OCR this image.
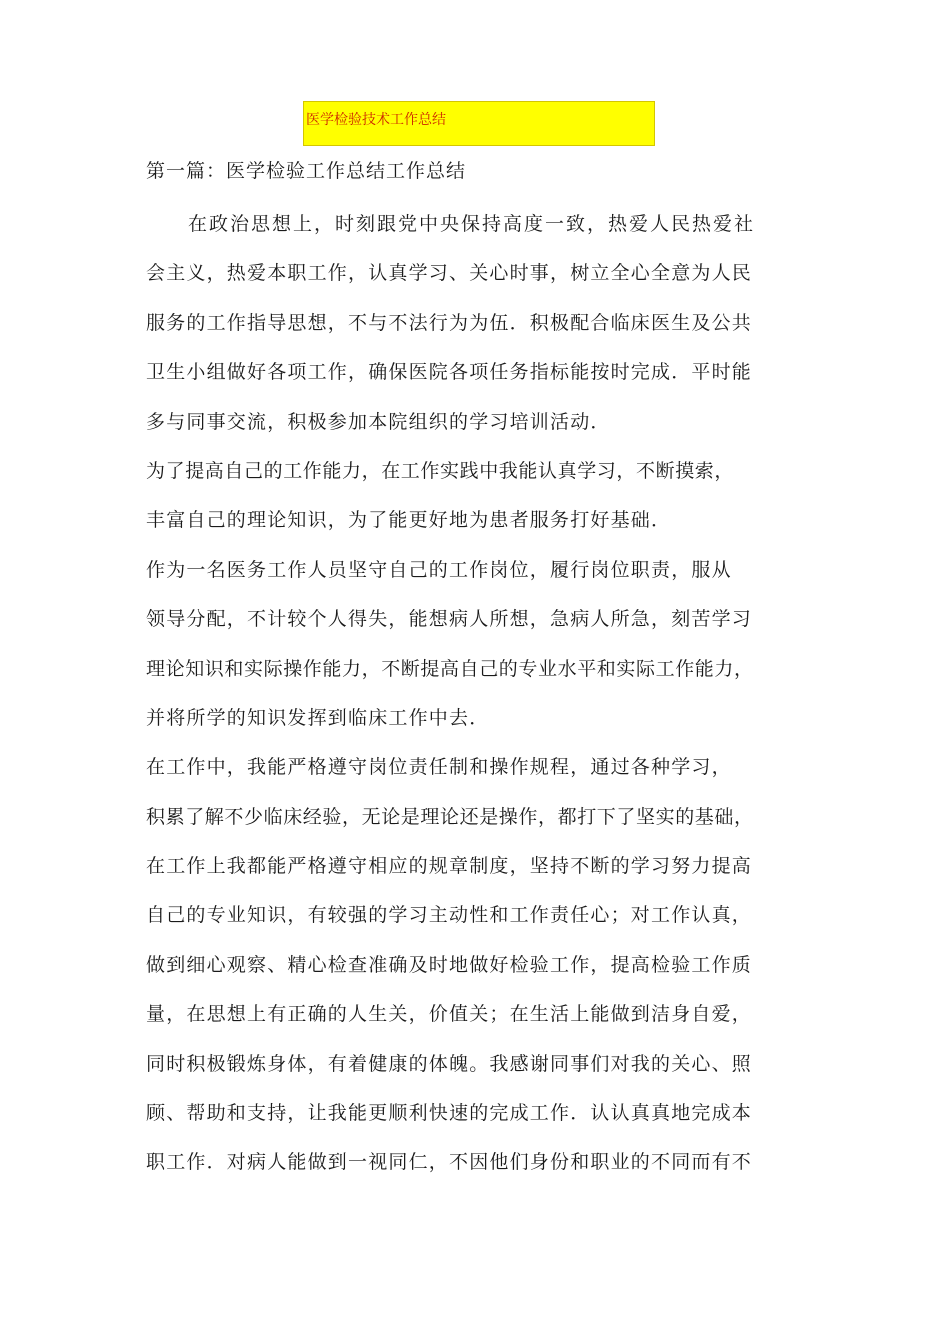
医学检验技术工作总结
第一篇：医学检验工作总结工作总结
　　在政治思想上，时刻跟党中央保持高度一致，热爱人民热爱社
会主义，热爱本职工作，认真学习、关心时事，树立全心全意为人民
服务的工作指导思想，不与不法行为为伍．积极配合临床医生及公共
卫生小组做好各项工作，确保医院各项任务指标能按时完成．平时能
多与同事交流，积极参加本院组织的学习培训活动．
为了提高自己的工作能力，在工作实践中我能认真学习，不断摸索，
丰富自己的理论知识，为了能更好地为患者服务打好基础．
作为一名医务工作人员坚守自己的工作岗位，履行岗位职责，服从
领导分配，不计较个人得失，能想病人所想，急病人所急，刻苦学习
理论知识和实际操作能力，不断提高自己的专业水平和实际工作能力，
并将所学的知识发挥到临床工作中去．
在工作中，我能严格遵守岗位责任制和操作规程，通过各种学习，
积累了解不少临床经验，无论是理论还是操作，都打下了坚实的基础，
在工作上我都能严格遵守相应的规章制度，坚持不断的学习努力提高
自己的专业知识，有较强的学习主动性和工作责任心；对工作认真，
做到细心观察、精心检查准确及时地做好检验工作，提高检验工作质
量，在思想上有正确的人生关，价值关；在生活上能做到洁身自爱，
同时积极锻炼身体，有着健康的体魄。我感谢同事们对我的关心、照
顾、帮助和支持，让我能更顺利快速的完成工作．认认真真地完成本
职工作．对病人能做到一视同仁，不因他们身份和职业的不同而有不
